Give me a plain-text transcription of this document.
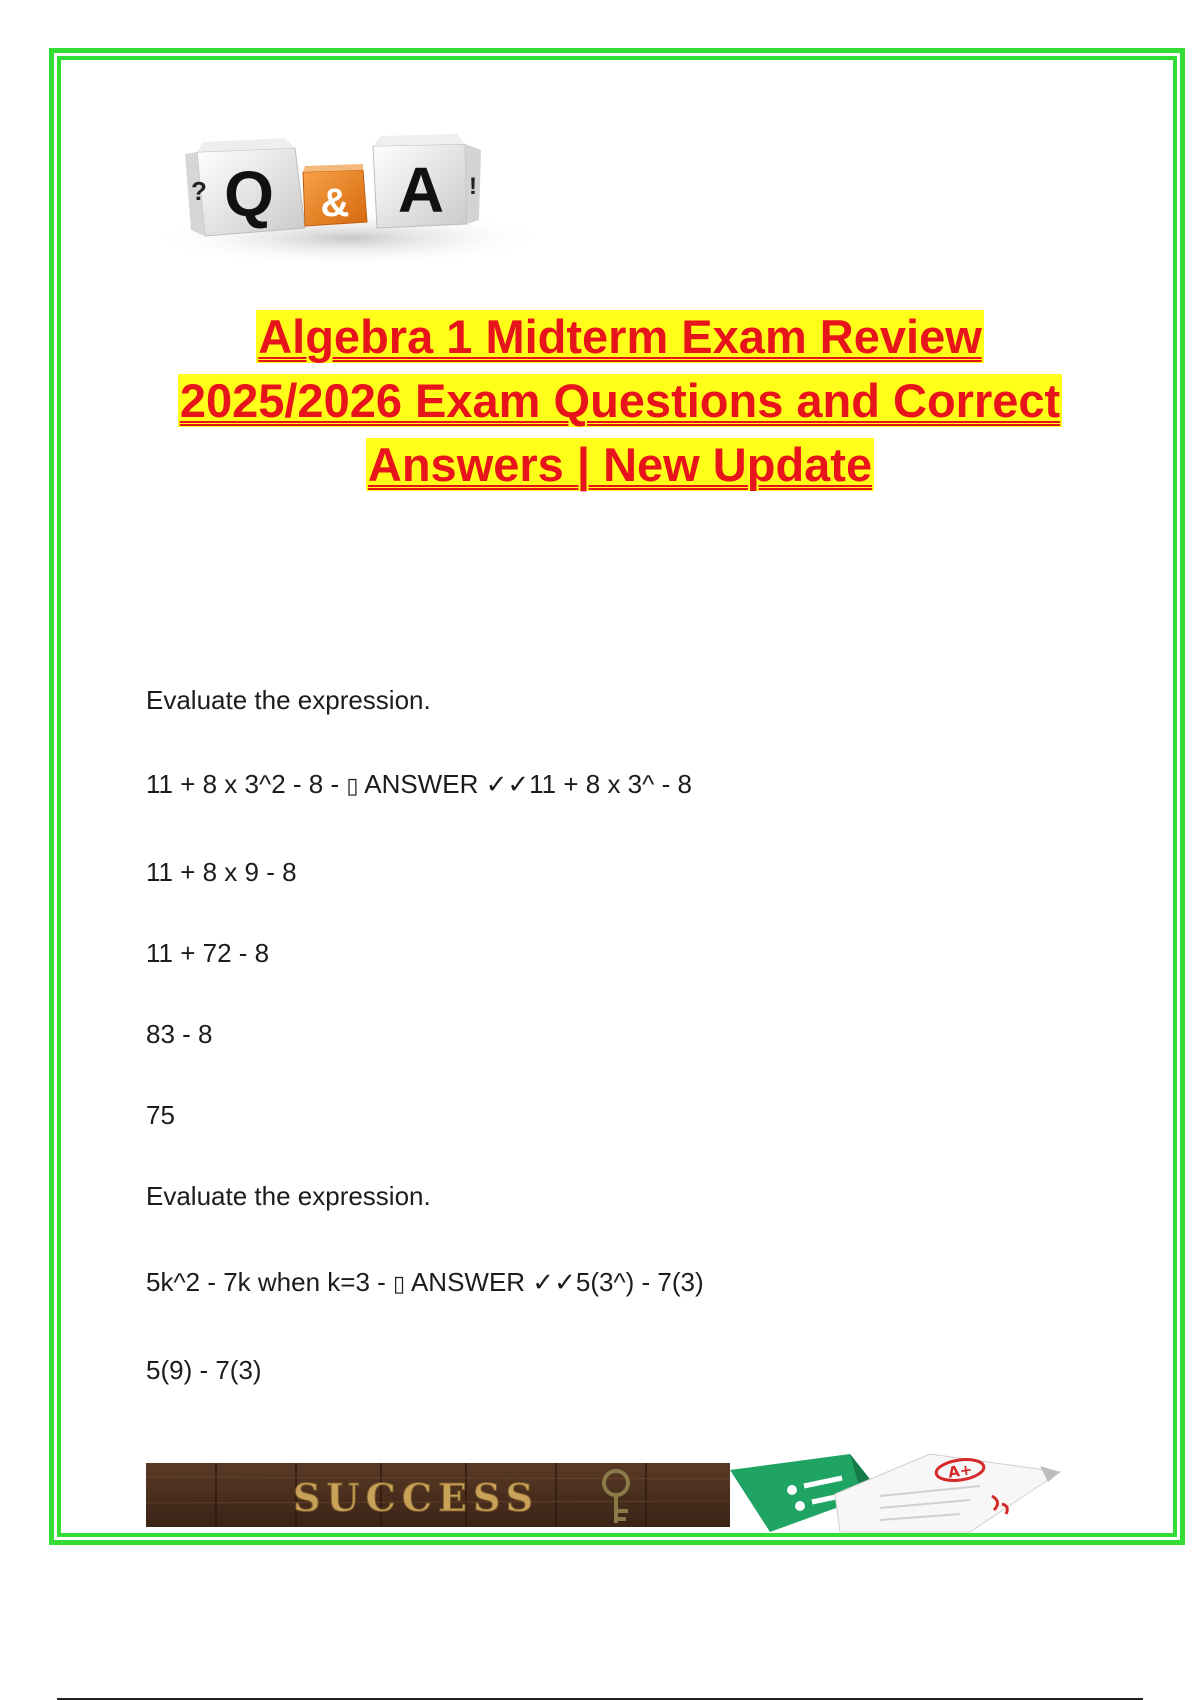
Q
?	& A !
Algebra 1 Midterm Exam Review
2025/2026 Exam Questions and Correct
Answers | New Update
Evaluate the expression.
11 + 8 x 3^2 - 8 - ▯ ANSWER ✓✓11 + 8 x 3^ - 8
11 + 8 x 9 - 8
11 + 72 - 8
83 - 8
75
Evaluate the expression.
5k^2 - 7k when k=3 - ▯ ANSWER ✓✓5(3^) - 7(3)
5(9) - 7(3)
SUCCESS
A+
